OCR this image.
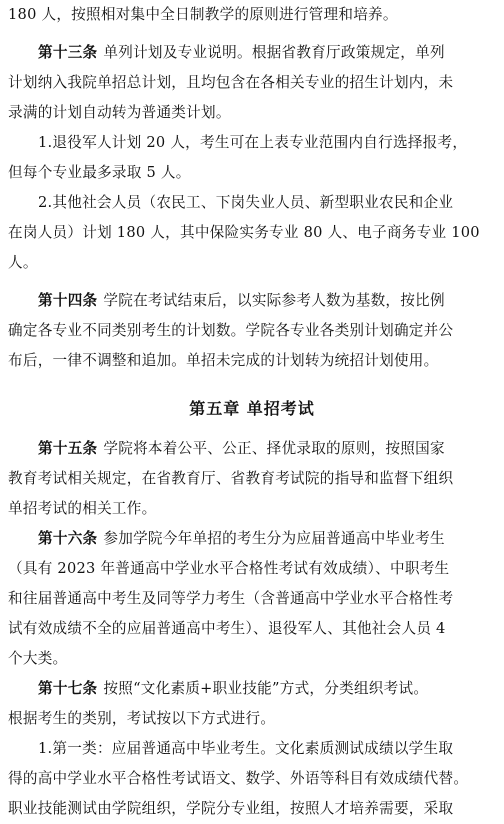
180 人，按照相对集中全日制教学的原则进行管理和培养。
第十三条 单列计划及专业说明。根据省教育厅政策规定，单列
计划纳入我院单招总计划，且均包含在各相关专业的招生计划内，未
录满的计划自动转为普通类计划。
1.退役军人计划 20 人，考生可在上表专业范围内自行选择报考，
但每个专业最多录取 5 人。
2.其他社会人员（农民工、下岗失业人员、新型职业农民和企业
在岗人员）计划 180 人，其中保险实务专业 80 人、电子商务专业 100
人。
第十四条 学院在考试结束后，以实际参考人数为基数，按比例
确定各专业不同类别考生的计划数。学院各专业各类别计划确定并公
布后，一律不调整和追加。单招未完成的计划转为统招计划使用。
第五章 单招考试
第十五条 学院将本着公平、公正、择优录取的原则，按照国家
教育考试相关规定，在省教育厅、省教育考试院的指导和监督下组织
单招考试的相关工作。
第十六条 参加学院今年单招的考生分为应届普通高中毕业考生
（具有 2023 年普通高中学业水平合格性考试有效成绩）、中职考生
和往届普通高中考生及同等学力考生（含普通高中学业水平合格性考
试有效成绩不全的应届普通高中考生）、退役军人、其他社会人员 4
个大类。
第十七条 按照“文化素质+职业技能”方式，分类组织考试。
根据考生的类别，考试按以下方式进行。
1.第一类：应届普通高中毕业考生。文化素质测试成绩以学生取
得的高中学业水平合格性考试语文、数学、外语等科目有效成绩代替。
职业技能测试由学院组织，学院分专业组，按照人才培养需要，采取
